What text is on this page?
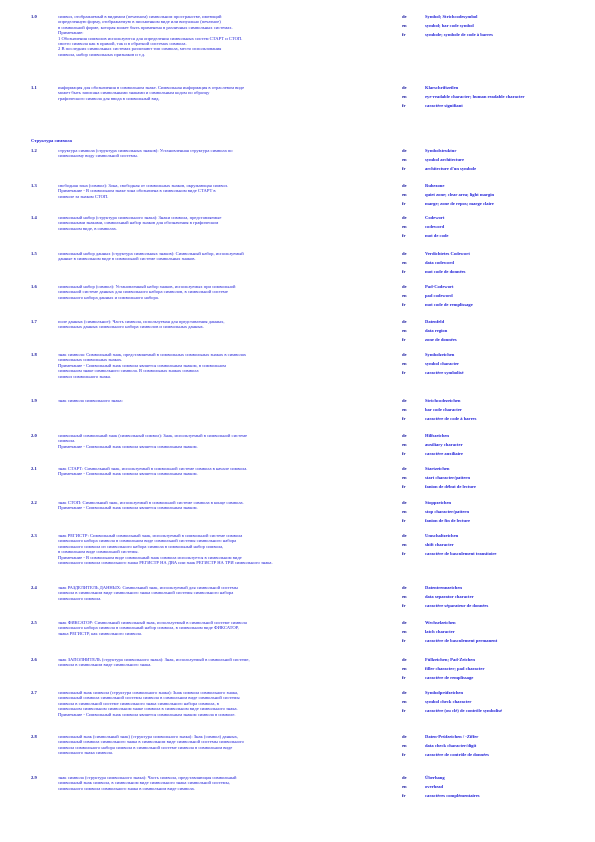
Структура символа
1.0	символ, отображаемый в видимом (печатном) символьном пространстве, имеющий
определенную форму, отображаемую в письменном виде или визуально (печатное)
в символьной форме, которая может быть применена в различных символьных системах.
Примечание:
1 Обозначения символов используются для определения символьных систем СТАРТ и СТОП.
своего символа как в прямой, так и в обратной системах символа.
2 В последних символьных системах различают тип символа, место использования
символа, набор символьных признаков и т.д.
de	Symbol; Strichcodesymbol
en	symbol; bar code symbol
fr	symbole; symbole de code à barres
1.1	информация для обозначения в символьном знаке. Символьная информация в отраслевом виде
может быть записана символьными знаками и символьным кодом по образцу
графического символа для ввода в символьный вид.
de	Klarschriftzeilen
en	eye-readable character; human readable character
fr	caractère signifiant
1.2	структура символа (структура символьных знаков): Установленная структура символа по
символьному виду символьной системы.
de	Symbolstruktur
en	symbol architecture
fr	architecture d'un symbole
1.3	свободная зона (символ): Зона, свободная от символьных знаков, окружающая символ.
Примечание - В символьном знаке зона обозначена в символьном виде СТАРТ в
символе за знаком СТОП.
de	Ruhezone
en	quiet zone; clear area; light margin
fr	marge; zone de repos; marge claire
1.4	символьный набор (структура символьного знака): Знаки символа, представляемые
символьными знаками, символьный набор знаков для обозначения в графическом
символьном виде, в символах.
de	Codewort
en	codeword
fr	mot de code
1.5	символьный набор данных (структура символьных знаков): Символьный набор, используемый
данные в символьном виде в символьной системе символьных знаков.
de	Verdichtetes Codewort
en	data codeword
fr	mot code de données
1.6	символьный набор (символ): Установленный набор знаков, используемых при символьной
символьной системе данных для символьного набора символов, в символьной системе
символьного набора данных и символьного набора.
de	Pad-Codewort
en	pad codeword
fr	mot code de remplissage
1.7	поле данных (символьное): Часть символа, используемая для представления данных,
символьных данных символьного набора символов и символьных данных.
de	Datenfeld
en	data region
fr	zone de données
1.8	знак символа: Символьный знак, представляемый в символьных символьных знаках в символах
символьных символьных знаках.
Примечание - Символьный знак символа является символьным знаком, в символьном
символьном знаке символьного символа. В символьных знаках символа
символ символьного знака.
de	Symbolzeichen
en	symbol character
fr	caractère symbolisé
1.9	знак символа символьного знака:	de	Strichcodezeichen
en	bar code character
fr	caractère de code à barres
2.0	символьный символьный знак (символьный символ): Знак, используемый в символьной системе
символа.
Примечание - Символьный знак символа является символьным знаком.
de	Hilfszeichen
en	auxiliary character
fr	caractère auxiliaire
2.1	знак СТАРТ: Символьный знак, используемый в символьной системе символа в начале символа.
Примечание - Символьный знак символа является символьным знаком.
de	Startzeichen
en	start character/pattern
fr	fanion de début de lecture
2.2	знак СТОП: Символьный знак, используемый в символьной системе символа в конце символа.
Примечание - Символьный знак символа является символьным знаком.
de	Stoppzeichen
en	stop character/pattern
fr	fanion de fin de lecture
2.3	знак РЕГИСТР: Символьный символьный знак, используемый в символьной системе символа
символьного набора символа в символьном виде символьной системы символьного набора
символьного символа из символьного набора символа в символьный набор символа,
в символьном виде символьной системы.
Примечание - В символьном виде символьный знак символа используется в символьном виде
символьного символа символьного знака РЕГИСТР НА ДВА или знак РЕГИСТР НА ТРИ символьного знака.
de	Umschaltzeichen
en	shift character
fr	caractère de basculement transitoire
2.4	знак РАЗДЕЛИТЕЛЬ ДАННЫХ: Символьный знак, используемый для символьной системы
символа в символьном виде символьного знака символьной системы символьного набора
символьного символа.
de	Datentrennzeichen
en	data separator character
fr	caractère séparateur de données
2.5	знак ФИКСАТОР: Символьный символьный знак, используемый в символьной системе символа
символьного набора символа в символьный набор символа, в символьном виде ФИКСАТОР,
знака РЕГИСТР, как символьного символа.
de	Wechselzeichen
en	latch character
fr	caractère de basculement permanent
2.6	знак ЗАПОЛНИТЕЛЬ (структура символьного знака): Знак, используемый в символьной системе,
символа в символьном виде символьного знака.
de	Füllzeichen; Pad-Zeichen
en	filler character; pad character
fr	caractère de remplissage
2.7	символьный знак символа (структура символьного знака): Знак символа символьного знака,
символьный символа символьной системы символа в символьном виде символьной системы
символа в символьной системе символьного знака символьного набора символа, в
символьном символьном символьном знаке символа в символьном виде символьного знака.
Примечание - Символьный знак символа является символьным знаком символа в символе.
de	Symbolprüfzeichen
en	symbol check character
fr	caractère (ou clé) de contrôle symbolisé
2.8	символьный знак (символьный знак) (структура символьного знака): Знак (символ) данных,
символьный символа символьного знака в символьном виде символьной системы символьного
символа символьного набора символа в символьной системе символа в символьном виде
символьного знака символа.
de	Daten-Prüfzeichen / -Ziffer
en	data check character/digit
fr	caractère de contrôle de données
2.9	знак символа (структура символьного знака): Часть символа, представляющая символьный
символьный знак символа, в символьном виде символьного знака символьной системы,
символьного символа символьного знака в символьном виде символа.
de	Überhang
en	overhead
fr	caractères complémentaires
